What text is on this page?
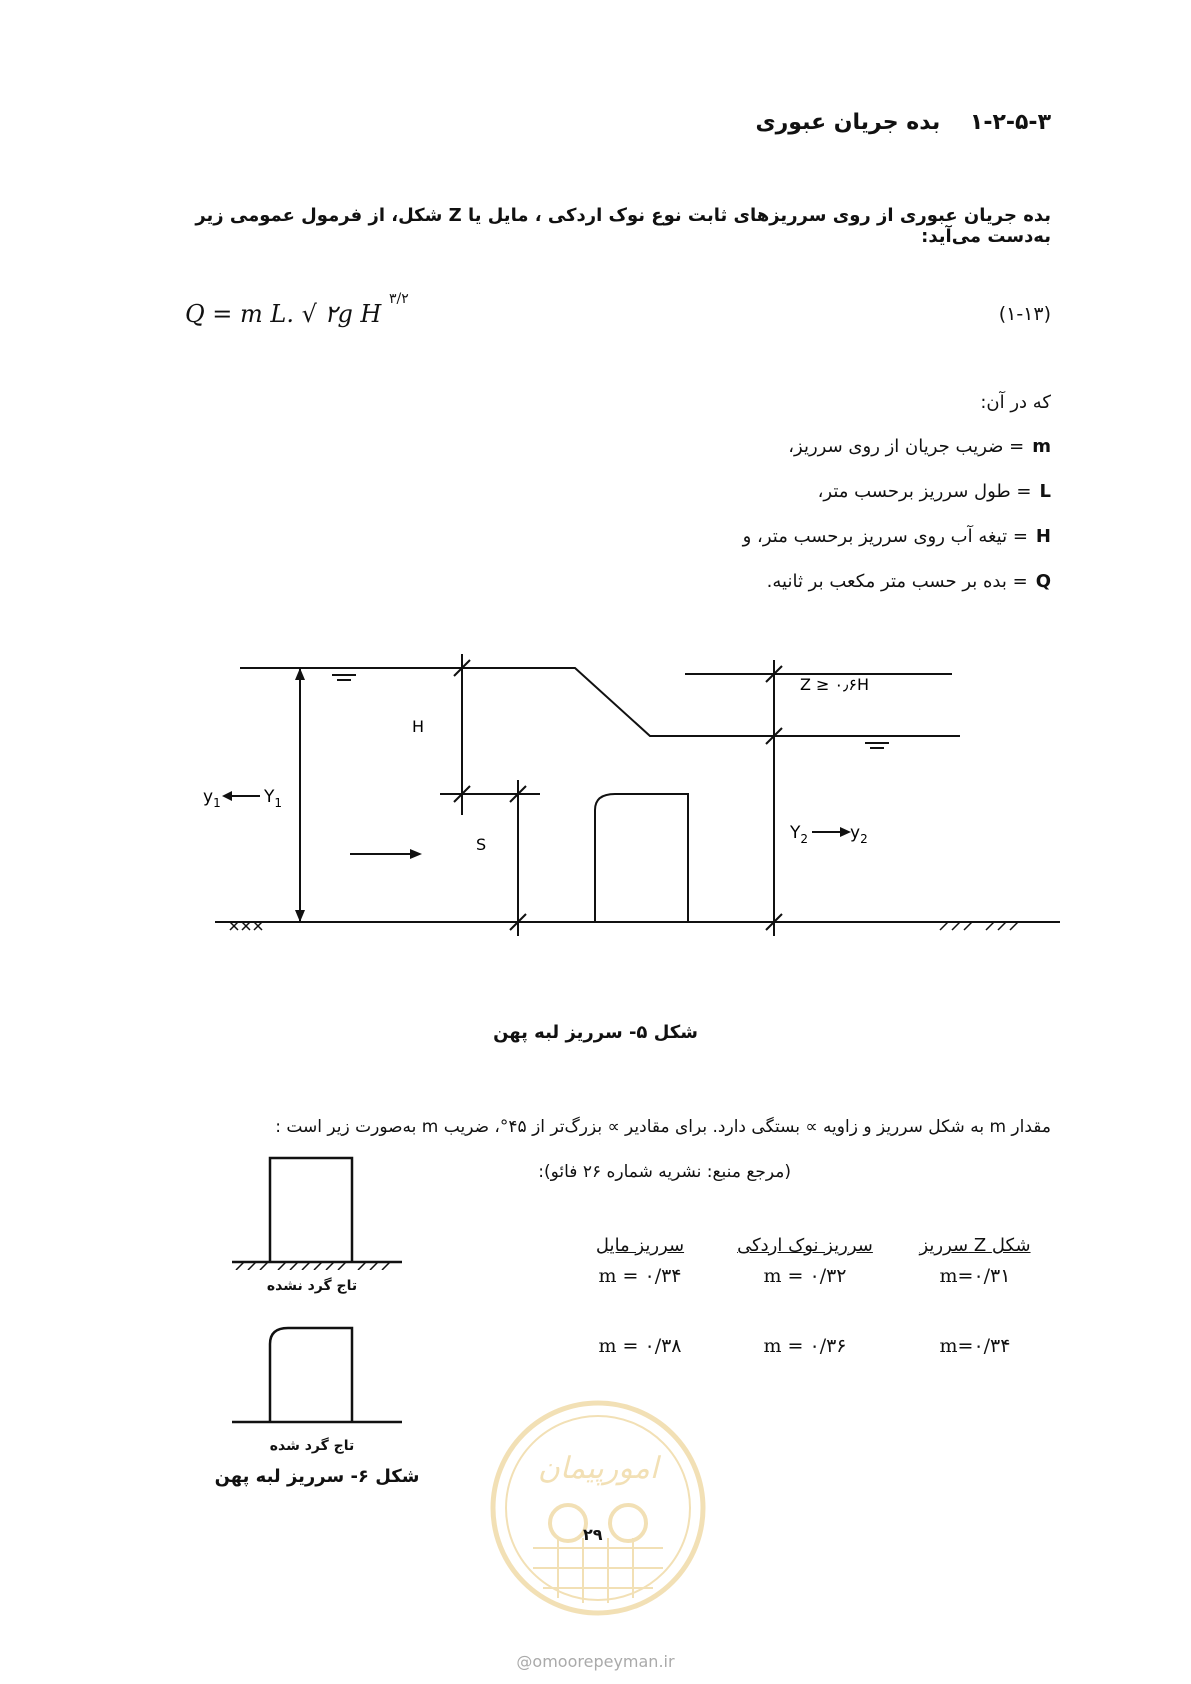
۱-۲-۵-۳ بده جریان عبوری
بده جریان عبوری از روی سرریزهای ثابت نوع نوک اردکی ، مایل یا Z شکل، از فرمول عمومی زیر به‌دست می‌آید:
Q = m L. √ ۲g H $^{۳/۲}$
(۱-۱۳)
که در آن:
m= ضریب جریان از روی سرریز،
L= طول سرریز برحسب متر،
H= تیغه آب روی سرریز برحسب متر، و
Q= بده بر حسب متر مکعب بر ثانیه.
H
S
Z ≥ ۰٫۶H
$y_1$	$Y_1$
$Y_2$ $y_2$
شکل ۵- سرریز لبه پهن
مقدار m به شکل سرریز و زاویه ∝ بستگی دارد. برای مقادیر ∝ بزرگ‌تر از ۴۵°، ضریب m به‌صورت زیر است :
(مرجع منبع: نشریه شماره ۲۶ فائو):
سرریز مایل	سرریز نوک اردکی	سرریز Z شکل
m = ۰/۳۴	m = ۰/۳۲	m=۰/۳۱
m = ۰/۳۸	m = ۰/۳۶	m=۰/۳۴
تاج گرد نشده
تاج گرد شده
شکل ۶- سرریز لبه پهن	امورپیمان
۲۹
@omoorepeyman.ir
